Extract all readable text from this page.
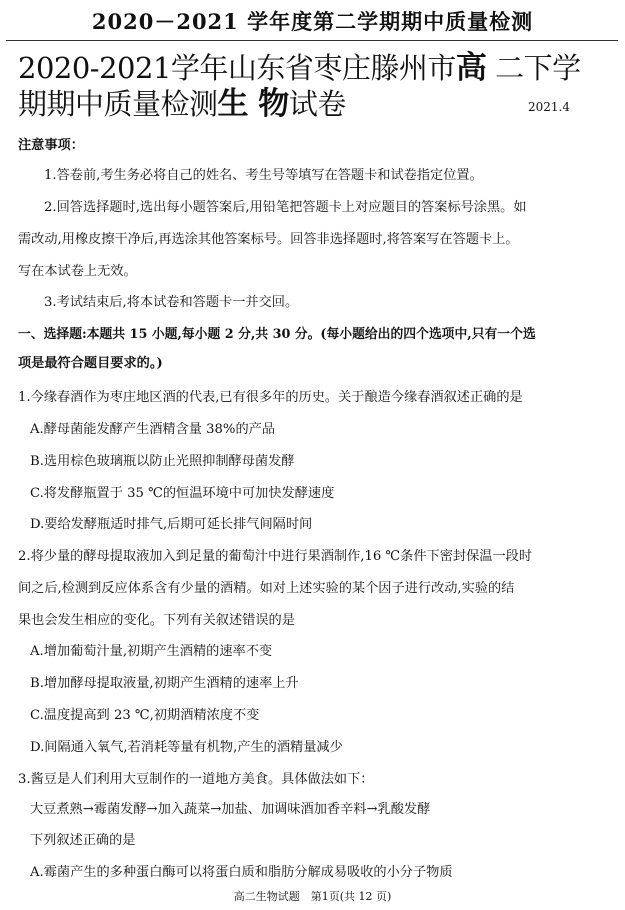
2020－2021 学年度第二学期期中质量检测
2020-2021学年山东省枣庄滕州市高 二下学
期期中质量检测生 物试卷	2021.4
注意事项：
1.答卷前,考生务必将自己的姓名、考生号等填写在答题卡和试卷指定位置。
2.回答选择题时,选出每小题答案后,用铅笔把答题卡上对应题目的答案标号涂黑。如
需改动,用橡皮擦干净后,再选涂其他答案标号。回答非选择题时,将答案写在答题卡上。
写在本试卷上无效。
3.考试结束后,将本试卷和答题卡一并交回。
一、选择题:本题共 15 小题,每小题 2 分,共 30 分。(每小题给出的四个选项中,只有一个选
项是最符合题目要求的。)
1.今缘春酒作为枣庄地区酒的代表,已有很多年的历史。关于酿造今缘春酒叙述正确的是
A.酵母菌能发酵产生酒精含量 38%的产品
B.选用棕色玻璃瓶以防止光照抑制酵母菌发酵
C.将发酵瓶置于 35 ℃的恒温环境中可加快发酵速度
D.要给发酵瓶适时排气,后期可延长排气间隔时间
2.将少量的酵母提取液加入到足量的葡萄汁中进行果酒制作,16 ℃条件下密封保温一段时
间之后,检测到反应体系含有少量的酒精。如对上述实验的某个因子进行改动,实验的结
果也会发生相应的变化。下列有关叙述错误的是
A.增加葡萄汁量,初期产生酒精的速率不变
B.增加酵母提取液量,初期产生酒精的速率上升
C.温度提高到 23 ℃,初期酒精浓度不变
D.间隔通入氧气,若消耗等量有机物,产生的酒精量减少
3.酱豆是人们利用大豆制作的一道地方美食。具体做法如下：
大豆煮熟→霉菌发酵→加入蔬菜→加盐、加调味酒加香辛料→乳酸发酵
下列叙述正确的是
A.霉菌产生的多种蛋白酶可以将蛋白质和脂肪分解成易吸收的小分子物质
高二生物试题　第1页(共 12 页)
